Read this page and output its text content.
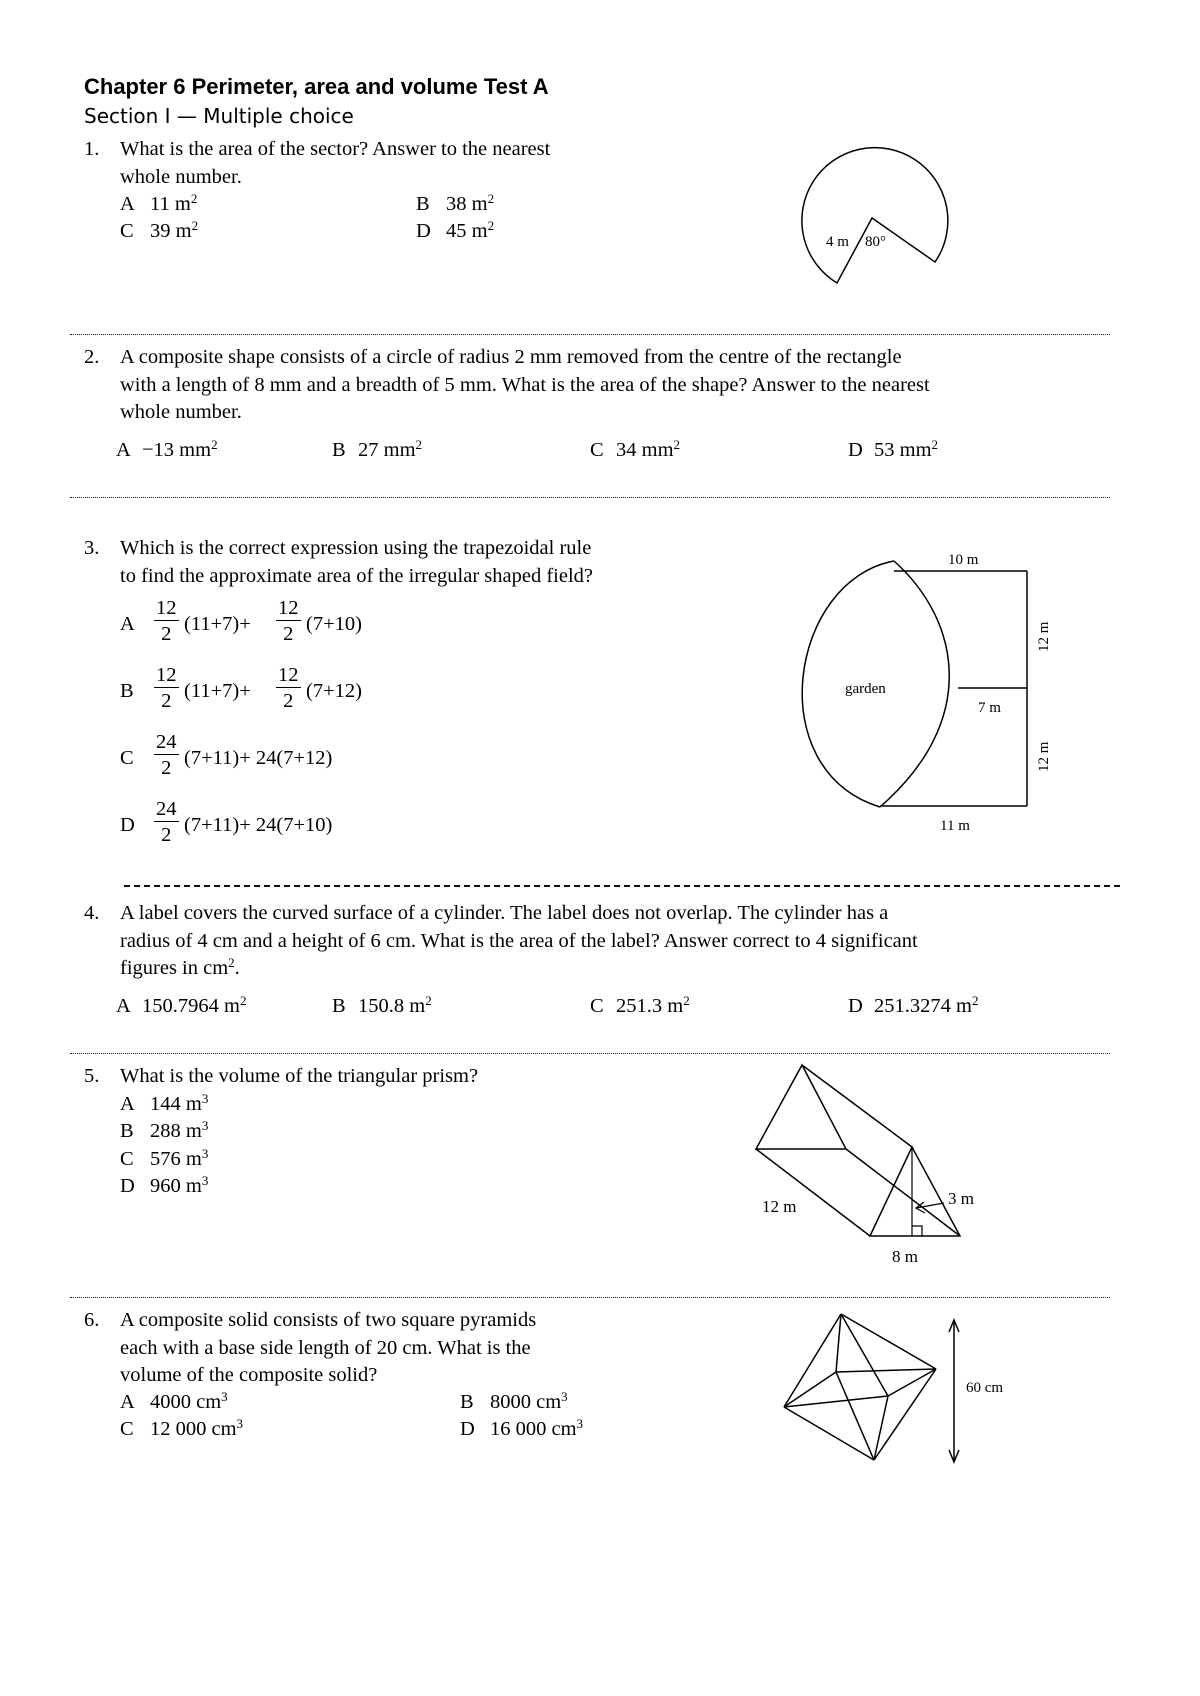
Chapter 6 Perimeter, area and volume Test A

Section I — Multiple choice

1. What is the area of the sector? Answer to the nearest
whole number.
A 11 $m^2$	B 38 $m^2$
C 39 $m^2$	D 45 $m^2$
4 m 80°
2. A composite shape consists of a circle of radius 2 mm removed from the centre of the rectangle
with a length of 8 mm and a breadth of 5 mm. What is the area of the shape? Answer to the nearest
whole number.
A −13 $mm^2$	B 27 $mm^2$	C 34 $mm^2$	D 53 $mm^2$
3. Which is the correct expression using the trapezoidal rule
to find the approximate area of the irregular shaped field?
A $\frac{12}{2} (11+7)+ \frac{12}{2} (7+10)$
B $\frac{12}{2} (11+7)+ \frac{12}{2} (7+12)$
C $\frac{24}{2} (7+11)+ 24(7+12)$
D $\frac{24}{2} (7+11)+ 24(7+10)$
10 m
12 m
12 m
7 m
11 m
garden
4. A label covers the curved surface of a cylinder. The label does not overlap. The cylinder has a
radius of 4 cm and a height of 6 cm. What is the area of the label? Answer correct to 4 significant
figures in $cm^2$.
A 150.7964 $m^2$	B 150.8 $m^2$	C 251.3 $m^2$	D 251.3274 $m^2$
5. What is the volume of the triangular prism?
A 144 $m^3$
B 288 $m^3$
C 576 $m^3$
D 960 $m^3$
12 m	3 m
8 m
6. A composite solid consists of two square pyramids
each with a base side length of 20 cm. What is the
volume of the composite solid?
A 4000 $cm^3$	B 8000 $cm^3$
C 12 000 $cm^3$	D 16 000 $cm^3$
60 cm
